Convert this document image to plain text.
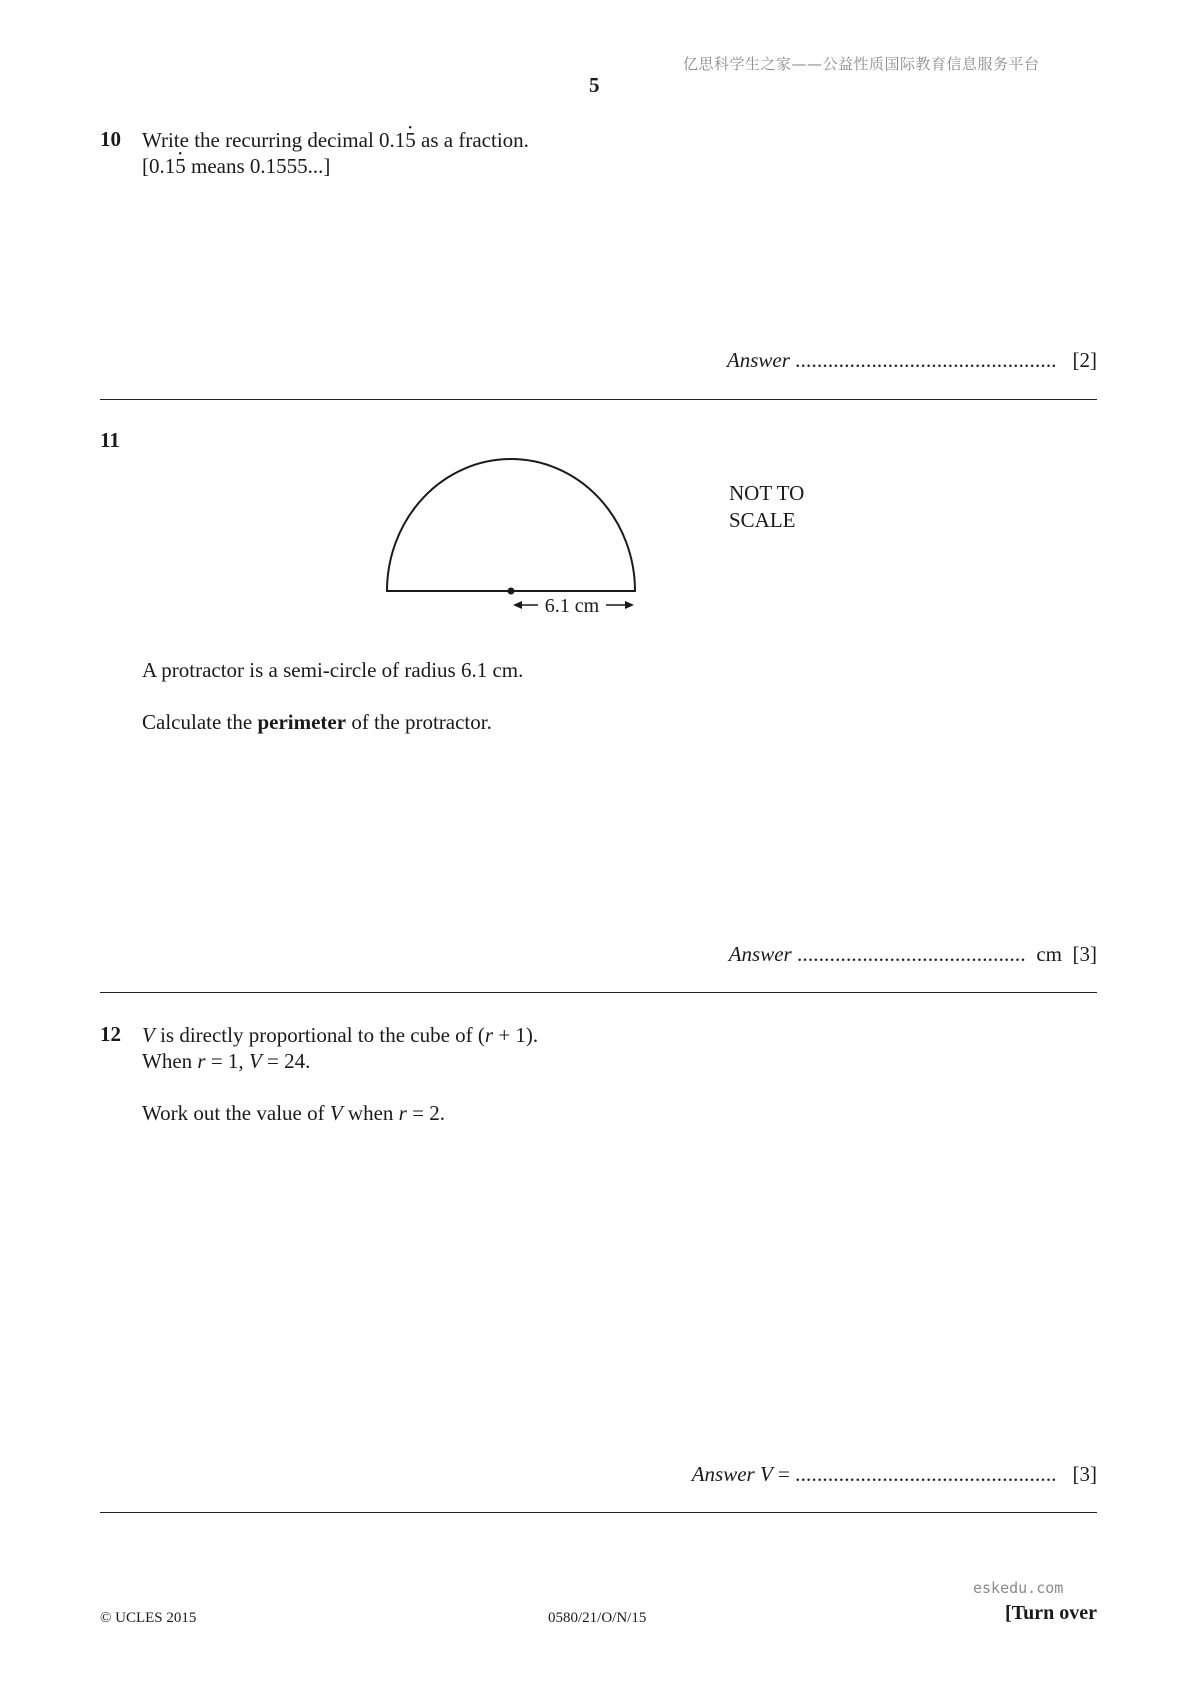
亿思科学生之家——公益性质国际教育信息服务平台
5
10 Write the recurring decimal 0.15 • as a fraction.
[0.15 • means 0.1555...]
Answer ................................................ [2]
11
6.1 cm
NOT TO
SCALE
A protractor is a semi-circle of radius 6.1 cm.
Calculate the perimeter of the protractor.
Answer .......................................... cm [3]
12 V is directly proportional to the cube of (r + 1).
When r = 1, V = 24.
Work out the value of V when r = 2.
Answer V = ................................................ [3]
eskedu.com
© UCLES 2015	0580/21/O/N/15	[Turn over
